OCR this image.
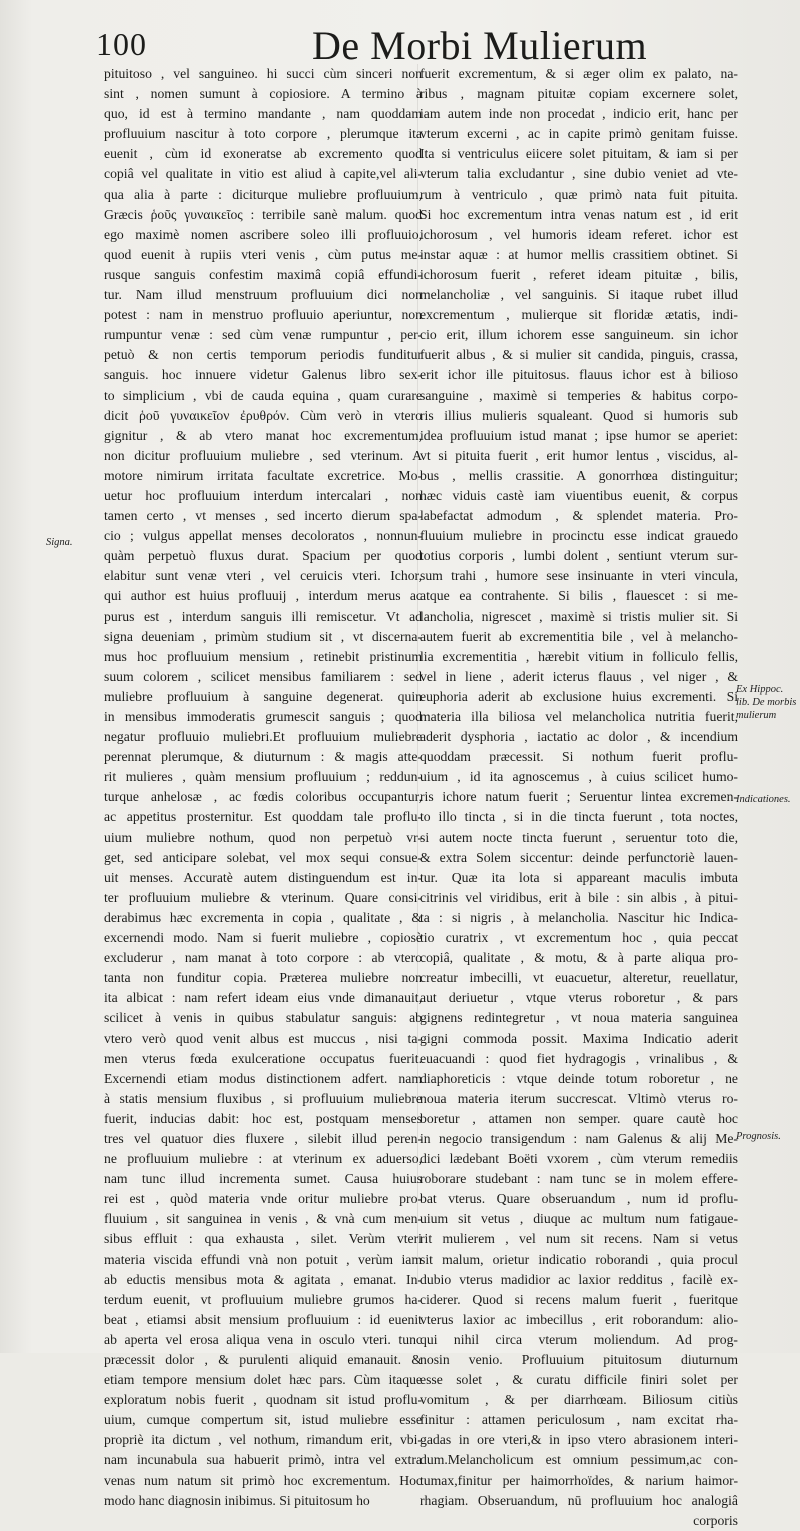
100	De Morbi Mulierum
pituitoso , vel sanguineo. hi succi cùm sinceri non
sint , nomen sumunt à copiosiore. A termino à
quo, id est à termino mandante , nam quoddam
profluuium nascitur à toto corpore , plerumque ita
euenit , cùm id exoneratse ab excremento quod
copiâ vel qualitate in vitio est aliud à capite,vel ali-
qua alia à parte : diciturque muliebre profluuium,
Græcis ῥοῦς γυναικεῖος : terribile sanè malum. quod
ego maximè nomen ascribere soleo illi profluuio,
quod euenit à rupiis vteri venis , cùm putus me-
rusque sanguis confestim maximâ copiâ effundi-
tur. Nam illud menstruum profluuium dici non
potest : nam in menstruo profluuio aperiuntur, non
rumpuntur venæ : sed cùm venæ rumpuntur , per-
petuò & non certis temporum periodis funditur
sanguis. hoc innuere videtur Galenus libro sex-
to simplicium , vbi de cauda equina , quam curare
dicit ῥοῦ γυναικεῖον ἐρυθρόν. Cùm verò in vtero
gignitur , & ab vtero manat hoc excrementum,
non dicitur profluuium muliebre , sed vterinum. A
motore nimirum irritata facultate excretrice. Mo-
uetur hoc profluuium interdum intercalari , non
tamen certo , vt menses , sed incerto dierum spa-
cio ; vulgus appellat menses decoloratos , nonnun-
quàm perpetuò fluxus durat. Spacium per quod
elabitur sunt venæ vteri , vel ceruicis vteri. Ichor,
qui author est huius profluuij , interdum merus ac
purus est , interdum sanguis illi remiscetur. Vt ad
signa deueniam , primùm studium sit , vt discerna-
mus hoc profluuium mensium , retinebit pristinum
suum colorem , scilicet mensibus familiarem : sed
muliebre profluuium à sanguine degenerat. quin
in mensibus immoderatis grumescit sanguis ; quod
negatur profluuio muliebri.Et profluuium muliebre
perennat plerumque, & diuturnum : & magis atte-
rit mulieres , quàm mensium profluuium ; reddun-
turque anhelosæ , ac fœdis coloribus occupantur,
ac appetitus prosternitur. Est quoddam tale proflu-
uium muliebre nothum, quod non perpetuò vr-
get, sed anticipare solebat, vel mox sequi consue-
uit menses. Accuratè autem distinguendum est in-
ter profluuium muliebre & vterinum. Quare consi-
derabimus hæc excrementa in copia , qualitate , &
excernendi modo. Nam si fuerit muliebre , copiosè
excluderur , nam manat à toto corpore : ab vtero
tanta non funditur copia. Præterea muliebre non
ita albicat : nam refert ideam eius vnde dimanauit,
scilicet à venis in quibus stabulatur sanguis: ab
vtero verò quod venit albus est muccus , nisi ta-
men vterus fœda exulceratione occupatus fuerit.
Excernendi etiam modus distinctionem adfert. nam
à statis mensium fluxibus , si profluuium muliebre
fuerit, inducias dabit: hoc est, postquam menses
tres vel quatuor dies fluxere , silebit illud peren-
ne profluuium muliebre : at vterinum ex aduerso,
nam tunc illud incrementa sumet. Causa huius
rei est , quòd materia vnde oritur muliebre pro-
fluuium , sit sanguinea in venis , & vnà cum men-
sibus effluit : qua exhausta , silet. Verùm vteri
materia viscida effundi vnà non potuit , verùm iam
ab eductis mensibus mota & agitata , emanat. In-
terdum euenit, vt profluuium muliebre grumos ha-
beat , etiamsi absit mensium profluuium : id euenit
ab aperta vel erosa aliqua vena in osculo vteri. tunc
præcessit dolor , & purulenti aliquid emanauit. &
etiam tempore mensium dolet hæc pars. Cùm itaque
exploratum nobis fuerit , quodnam sit istud proflu-
uium, cumque compertum sit, istud muliebre esse
propriè ita dictum , vel nothum, rimandum erit, vbi-
nam incunabula sua habuerit primò, intra vel extra
venas num natum sit primò hoc excrementum. Hoc
modo hanc diagnosin inibimus. Si pituitosum ho
fuerit excrementum, & si æger olim ex palato, na-
ribus , magnam pituitæ copiam excernere solet,
iam autem inde non procedat , indicio erit, hanc per
vterum excerni , ac in capite primò genitam fuisse.
Ita si ventriculus eiicere solet pituitam, & iam si per
vterum talia excludantur , sine dubio veniet ad vte-
rum à ventriculo , quæ primò nata fuit pituita.
Si hoc excrementum intra venas natum est , id erit
ichorosum , vel humoris ideam referet. ichor est
instar aquæ : at humor mellis crassitiem obtinet. Si
ichorosum fuerit , referet ideam pituitæ , bilis,
melancholiæ , vel sanguinis. Si itaque rubet illud
excrementum , mulierque sit floridæ ætatis, indi-
cio erit, illum ichorem esse sanguineum. sin ichor
fuerit albus , & si mulier sit candida, pinguis, crassa,
erit ichor ille pituitosus. flauus ichor est à bilioso
sanguine , maximè si temperies & habitus corpo-
ris illius mulieris squaleant. Quod si humoris sub
idea profluuium istud manat ; ipse humor se aperiet:
vt si pituita fuerit , erit humor lentus , viscidus, al-
bus , mellis crassitie. A gonorrhœa distinguitur;
hæc viduis castè iam viuentibus euenit, & corpus
labefactat admodum , & splendet materia. Pro-
fluuium muliebre in procinctu esse indicat grauedo
totius corporis , lumbi dolent , sentiunt vterum sur-
sum trahi , humore sese insinuante in vteri vincula,
atque ea contrahente. Si bilis , flauescet : si me-
lancholia, nigrescet , maximè si tristis mulier sit. Si
autem fuerit ab excrementitia bile , vel à melancho-
lia excrementitia , hærebit vitium in folliculo fellis,
vel in liene , aderit icterus flauus , vel niger , &
euphoria aderit ab exclusione huius excrementi. Si
materia illa biliosa vel melancholica nutritia fuerit,
aderit dysphoria , iactatio ac dolor , & incendium
quoddam præcessit. Si nothum fuerit proflu-
uium , id ita agnoscemus , à cuius scilicet humo-
ris ichore natum fuerit ; Seruentur lintea excremen-
to illo tincta , si in die tincta fuerunt , tota noctes,
si autem nocte tincta fuerunt , seruentur toto die,
& extra Solem siccentur: deinde perfunctoriè lauen-
tur. Quæ ita lota si appareant maculis imbuta
citrinis vel viridibus, erit à bile : sin albis , à pitui-
ta : si nigris , à melancholia. Nascitur hic Indica-
tio curatrix , vt excrementum hoc , quia peccat
copiâ, qualitate , & motu, & à parte aliqua pro-
creatur imbecilli, vt euacuetur, alteretur, reuellatur,
aut deriuetur , vtque vterus roboretur , & pars
gignens redintegretur , vt noua materia sanguinea
gigni commoda possit. Maxima Indicatio aderit
euacuandi : quod fiet hydragogis , vrinalibus , &
diaphoreticis : vtque deinde totum roboretur , ne
noua materia iterum succrescat. Vltimò vterus ro-
boretur , attamen non semper. quare cautè hoc
in negocio transigendum : nam Galenus & alij Me-
dici lædebant Boëti vxorem , cùm vterum remediis
roborare studebant : nam tunc se in molem effere-
bat vterus. Quare obseruandum , num id proflu-
uium sit vetus , diuque ac multum num fatigaue-
rit mulierem , vel num sit recens. Nam si vetus
sit malum, orietur indicatio roborandi , quia procul
dubio vterus madidior ac laxior redditus , facilè ex-
ciderer. Quod si recens malum fuerit , fueritque
vterus laxior ac imbecillus , erit roborandum: alio-
qui nihil circa vterum moliendum. Ad prog-
nosin venio. Profluuium pituitosum diuturnum
esse solet , & curatu difficile finiri solet per
vomitum , & per diarrhœam. Biliosum citiùs
finitur : attamen periculosum , nam excitat rha-
gadas in ore vteri,& in ipso vtero abrasionem interi-
dum.Melancholicum est omnium pessimum,ac con-
tumax,finitur per haimorrhoïdes, & narium haimor-
rhagiam. Obseruandum, nū profluuium hoc analogiâ
corporis
Signa.
Ex Hippoc. lib. De morbis mulierum
Indicationes.
Prognosis.
